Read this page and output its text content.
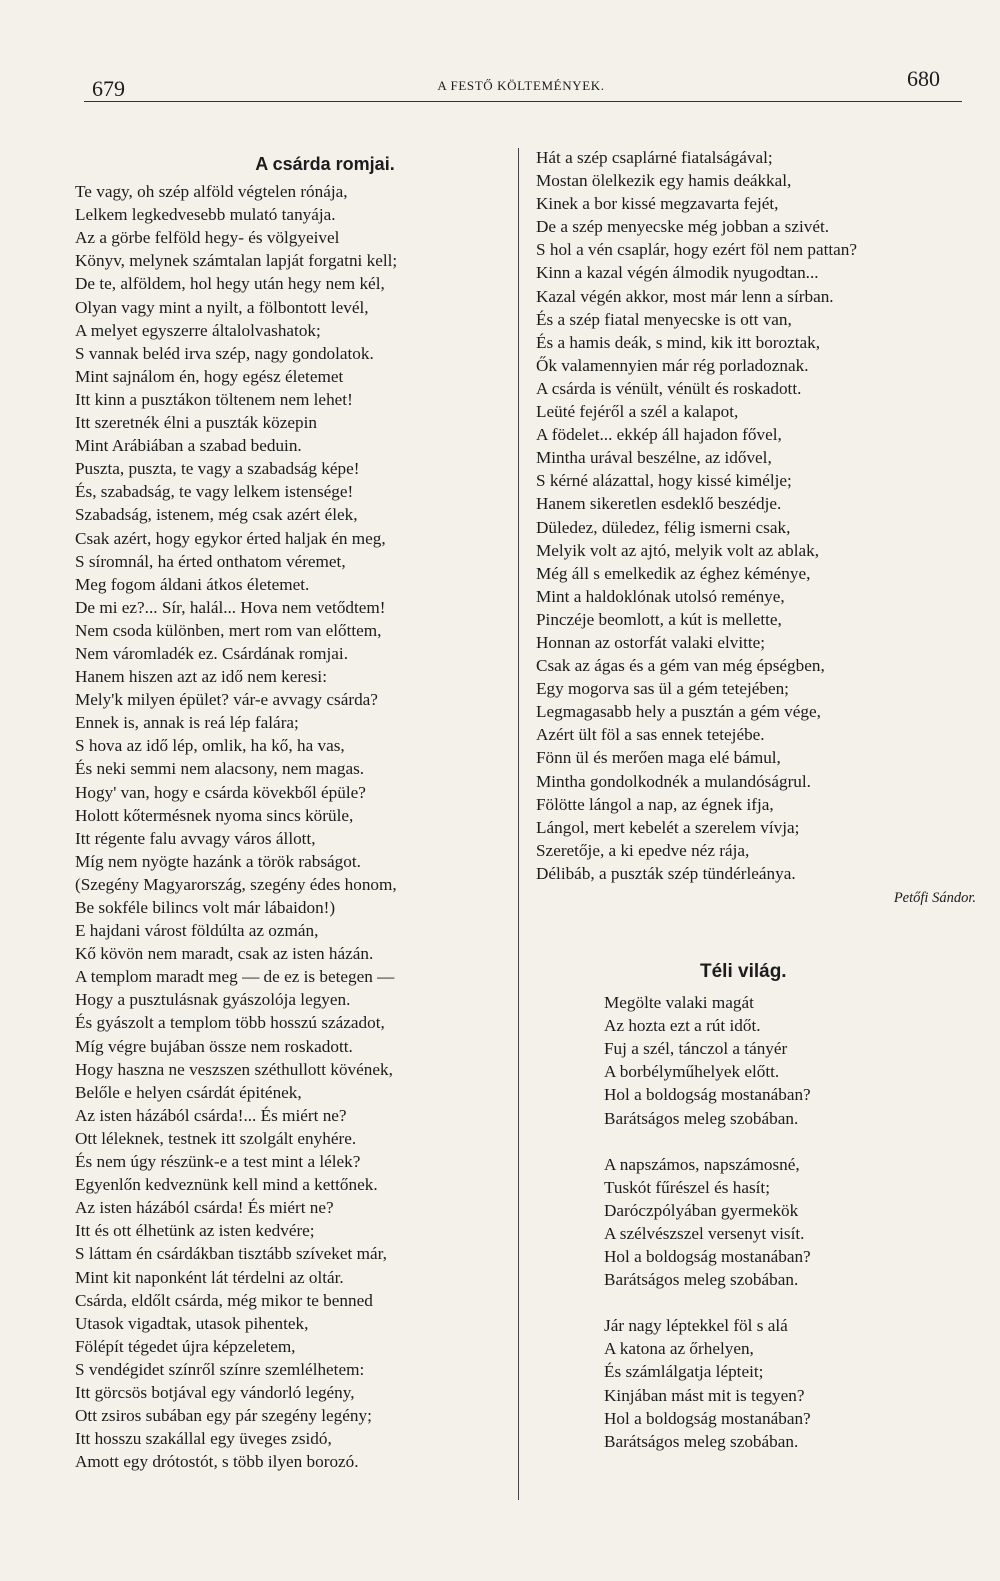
679	A FESTŐ KÖLTEMÉNYEK.	680
A csárda romjai.
Te vagy, oh szép alföld végtelen rónája,
Lelkem legkedvesebb mulató tanyája.
Az a görbe felföld hegy- és völgyeivel
Könyv, melynek számtalan lapját forgatni kell;
De te, alföldem, hol hegy után hegy nem kél,
Olyan vagy mint a nyilt, a fölbontott levél,
A melyet egyszerre általolvashatok;
S vannak beléd irva szép, nagy gondolatok.
Mint sajnálom én, hogy egész életemet
Itt kinn a pusztákon töltenem nem lehet!
Itt szeretnék élni a puszták közepin
Mint Arábiában a szabad beduin.
Puszta, puszta, te vagy a szabadság képe!
És, szabadság, te vagy lelkem istensége!
Szabadság, istenem, még csak azért élek,
Csak azért, hogy egykor érted haljak én meg,
S síromnál, ha érted onthatom véremet,
Meg fogom áldani átkos életemet.
De mi ez?... Sír, halál... Hova nem vetődtem!
Nem csoda különben, mert rom van előttem,
Nem váromladék ez. Csárdának romjai.
Hanem hiszen azt az idő nem keresi:
Mely'k milyen épület? vár-e avvagy csárda?
Ennek is, annak is reá lép falára;
S hova az idő lép, omlik, ha kő, ha vas,
És neki semmi nem alacsony, nem magas.
Hogy' van, hogy e csárda kövekből épüle?
Holott kőtermésnek nyoma sincs körüle,
Itt régente falu avvagy város állott,
Míg nem nyögte hazánk a török rabságot.
(Szegény Magyarország, szegény édes honom,
Be sokféle bilincs volt már lábaidon!)
E hajdani várost földúlta az ozmán,
Kő kövön nem maradt, csak az isten házán.
A templom maradt meg — de ez is betegen —
Hogy a pusztulásnak gyászolója legyen.
És gyászolt a templom több hosszú századot,
Míg végre bujában össze nem roskadott.
Hogy haszna ne veszszen széthullott kövének,
Belőle e helyen csárdát épitének,
Az isten házából csárda!... És miért ne?
Ott léleknek, testnek itt szolgált enyhére.
És nem úgy részünk-e a test mint a lélek?
Egyenlőn kedveznünk kell mind a kettőnek.
Az isten házából csárda! És miért ne?
Itt és ott élhetünk az isten kedvére;
S láttam én csárdákban tisztább szíveket már,
Mint kit naponként lát térdelni az oltár.
Csárda, eldőlt csárda, még mikor te benned
Utasok vigadtak, utasok pihentek,
Fölépít tégedet újra képzeletem,
S vendégidet színről színre szemlélhetem:
Itt görcsös botjával egy vándorló legény,
Ott zsiros subában egy pár szegény legény;
Itt hosszu szakállal egy üveges zsidó,
Amott egy drótostót, s több ilyen borozó.
Hát a szép csaplárné fiatalságával;
Mostan ölelkezik egy hamis deákkal,
Kinek a bor kissé megzavarta fejét,
De a szép menyecske még jobban a szivét.
S hol a vén csaplár, hogy ezért föl nem pattan?
Kinn a kazal végén álmodik nyugodtan...
Kazal végén akkor, most már lenn a sírban.
És a szép fiatal menyecske is ott van,
És a hamis deák, s mind, kik itt boroztak,
Ők valamennyien már rég porladoznak.
A csárda is vénült, vénült és roskadott.
Leüté fejéről a szél a kalapot,
A födelet... ekkép áll hajadon fővel,
Mintha urával beszélne, az idővel,
S kérné alázattal, hogy kissé kimélje;
Hanem sikeretlen esdeklő beszédje.
Düledez, düledez, félig ismerni csak,
Melyik volt az ajtó, melyik volt az ablak,
Még áll s emelkedik az éghez kéménye,
Mint a haldoklónak utolsó reménye,
Pinczéje beomlott, a kút is mellette,
Honnan az ostorfát valaki elvitte;
Csak az ágas és a gém van még épségben,
Egy mogorva sas ül a gém tetejében;
Legmagasabb hely a pusztán a gém vége,
Azért ült föl a sas ennek tetejébe.
Fönn ül és merően maga elé bámul,
Mintha gondolkodnék a mulandóságrul.
Fölötte lángol a nap, az égnek ifja,
Lángol, mert kebelét a szerelem vívja;
Szeretője, a ki epedve néz rája,
Délibáb, a puszták szép tündérleánya.
Petőfi Sándor.
Téli világ.
Megölte valaki magát
Az hozta ezt a rút időt.
Fuj a szél, tánczol a tányér
A borbélyműhelyek előtt.
Hol a boldogság mostanában?
Barátságos meleg szobában.
A napszámos, napszámosné,
Tuskót fűrészel és hasít;
Daróczpólyában gyermekök
A szélvészszel versenyt visít.
Hol a boldogság mostanában?
Barátságos meleg szobában.
Jár nagy léptekkel föl s alá
A katona az őrhelyen,
És számlálgatja lépteit;
Kinjában mást mit is tegyen?
Hol a boldogság mostanában?
Barátságos meleg szobában.
